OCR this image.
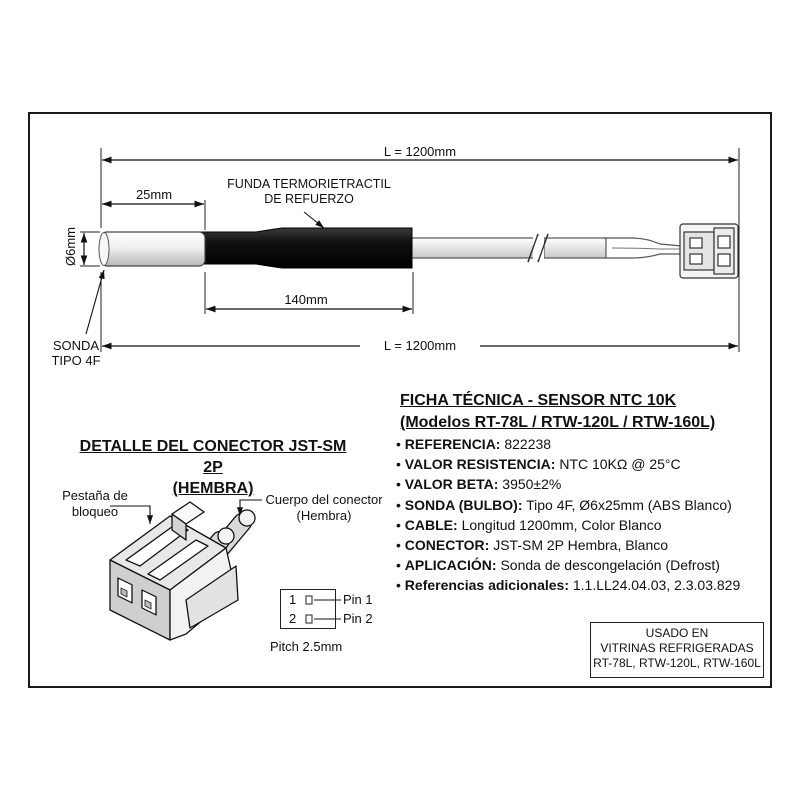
L = 1200mm
25mm
Ø6mm
FUNDA TERMORIETRACTIL
DE REFUERZO
140mm
L = 1200mm
SONDA
TIPO 4F
FICHA TÉCNICA - SENSOR NTC 10K
(Modelos RT-78L / RTW-120L / RTW-160L)
• REFERENCIA: 822238
• VALOR RESISTENCIA: NTC 10KΩ @ 25°C
• VALOR BETA: 3950±2%
• SONDA (BULBO): Tipo 4F, Ø6x25mm (ABS Blanco)
• CABLE: Longitud 1200mm, Color Blanco
• CONECTOR: JST-SM 2P Hembra, Blanco
• APLICACIÓN: Sonda de descongelación (Defrost)
• Referencias adicionales: 1.1.LL24.04.03, 2.3.03.829
DETALLE DEL CONECTOR JST-SM 2P
(HEMBRA)
Pestaña de
bloqueo
Cuerpo del conector
(Hembra)
1
2
Pin 1
Pin 2
Pitch 2.5mm
USADO EN
VITRINAS REFRIGERADAS
RT-78L, RTW-120L, RTW-160L
